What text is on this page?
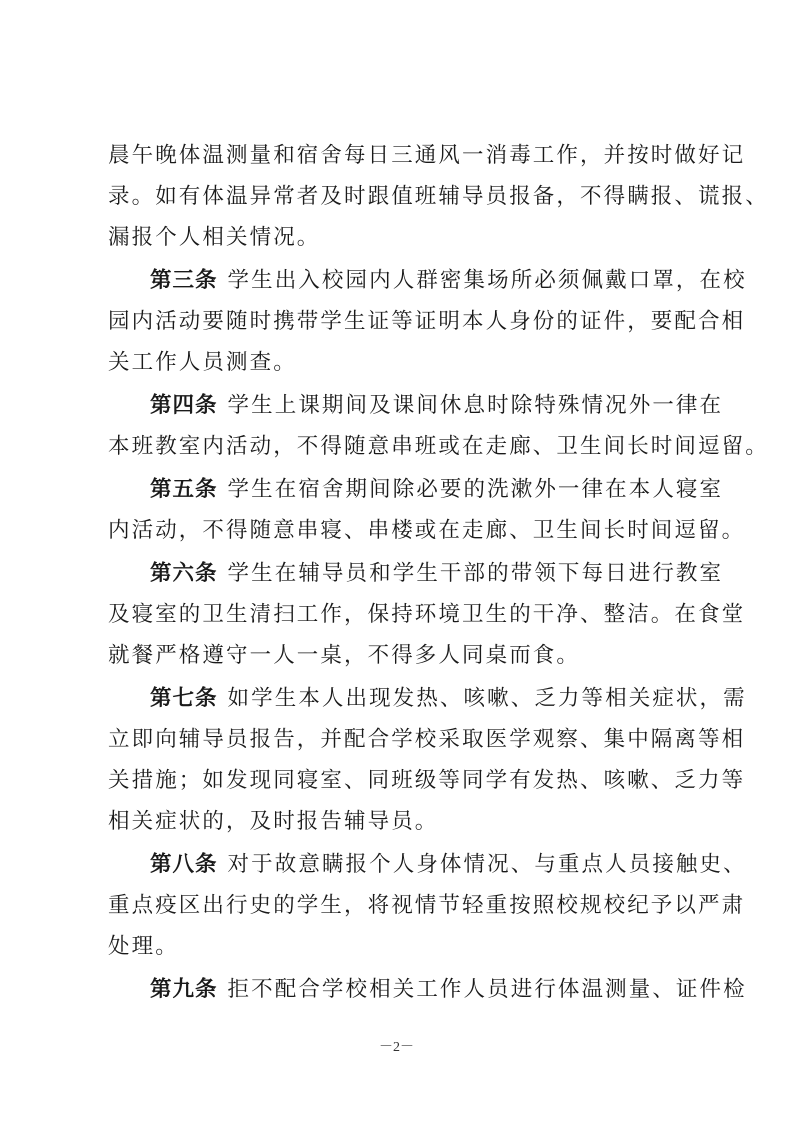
晨午晚体温测量和宿舍每日三通风一消毒工作，并按时做好记
录。如有体温异常者及时跟值班辅导员报备，不得瞒报、谎报、
漏报个人相关情况。
第三条 学生出入校园内人群密集场所必须佩戴口罩，在校
园内活动要随时携带学生证等证明本人身份的证件，要配合相
关工作人员测查。
第四条 学生上课期间及课间休息时除特殊情况外一律在
本班教室内活动，不得随意串班或在走廊、卫生间长时间逗留。
第五条 学生在宿舍期间除必要的洗漱外一律在本人寝室
内活动，不得随意串寝、串楼或在走廊、卫生间长时间逗留。
第六条 学生在辅导员和学生干部的带领下每日进行教室
及寝室的卫生清扫工作，保持环境卫生的干净、整洁。在食堂
就餐严格遵守一人一桌，不得多人同桌而食。
第七条 如学生本人出现发热、咳嗽、乏力等相关症状，需
立即向辅导员报告，并配合学校采取医学观察、集中隔离等相
关措施；如发现同寝室、同班级等同学有发热、咳嗽、乏力等
相关症状的，及时报告辅导员。
第八条 对于故意瞒报个人身体情况、与重点人员接触史、
重点疫区出行史的学生，将视情节轻重按照校规校纪予以严肃
处理。
第九条 拒不配合学校相关工作人员进行体温测量、证件检
－2－
